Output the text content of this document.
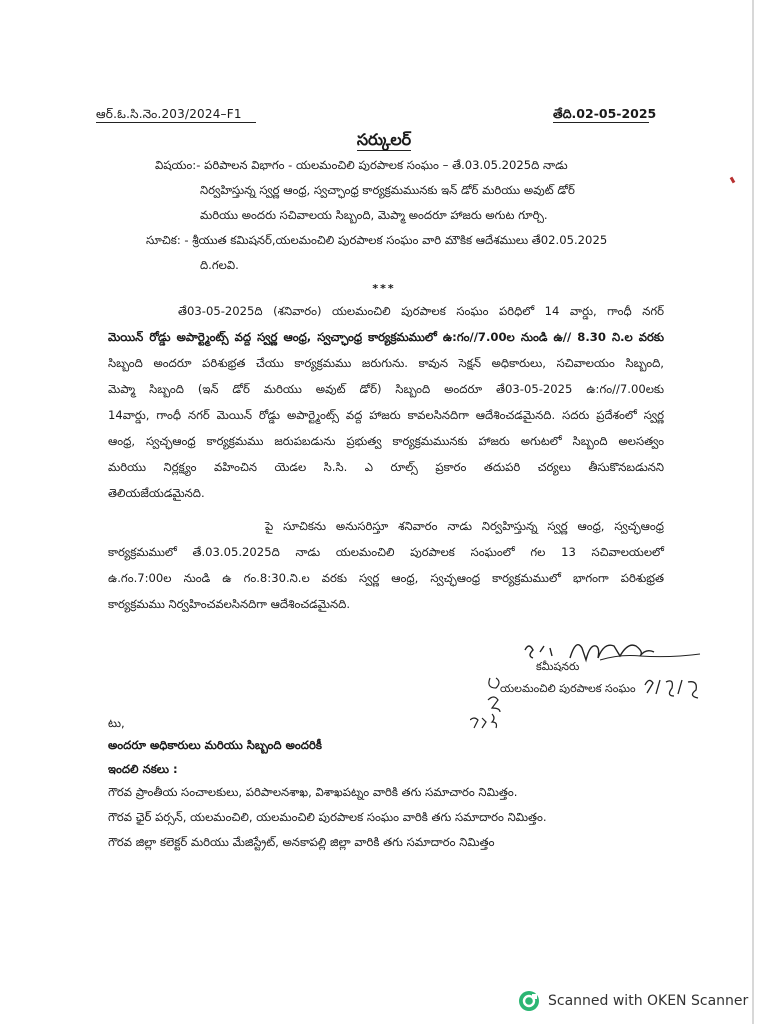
ఆర్.ఓ.సి.నెం.203/2024–F1	తేది.02-05-2025
సర్కులర్
విషయం:- పరిపాలన విభాగం - యలమంచిలి పురపాలక సంఘం – తే.03.05.2025ది నాడు
నిర్వహిస్తున్న స్వర్ణ ఆంధ్ర, స్వచ్ఛాంధ్ర కార్యక్రమమునకు ఇన్ డోర్ మరియు అవుట్ డోర్
మరియు అందరు సచివాలయ సిబ్బంది, మెప్మా అందరూ హాజరు అగుట గూర్చి.
సూచిక: - శ్రీయుత కమిషనర్,యలమంచిలి పురపాలక సంఘం వారి మౌకిక ఆదేశములు తే02.05.2025
ది.గలవి.
***
తే03-05-2025ది (శనివారం) యలమంచిలి పురపాలక సంఘం పరిధిలో 14 వార్డు, గాంధీ నగర్
మెయిన్ రోడ్డు అపార్ట్మెంట్స్ వద్ద స్వర్ణ ఆంధ్ర, స్వచ్ఛాంధ్ర కార్యక్రమములో ఉ:గం//7.00ల నుండి ఉ// 8.30 ని.ల వరకు
సిబ్బంది అందరూ పరిశుభ్రత చేయు కార్యక్రమము జరుగును. కావున సెక్షన్ అధికారులు, సచివాలయం సిబ్బంది,
మెప్మా సిబ్బంది (ఇన్ డోర్ మరియు అవుట్ డోర్) సిబ్బంది అందరూ తే03-05-2025 ఉ:గం//7.00లకు
14వార్డు, గాంధీ నగర్ మెయిన్ రోడ్డు అపార్ట్మెంట్స్ వద్ద హాజరు కావలసినదిగా ఆదేశించడమైనది. సదరు ప్రదేశంలో స్వర్ణ
ఆంధ్ర, స్వచ్ఛఆంధ్ర కార్యక్రమము జరుపబడును ప్రభుత్వ కార్యక్రమమునకు హాజరు అగుటలో సిబ్బంది అలసత్వం
మరియు నిర్లక్ష్యం వహించిన యెడల సి.సి. ఎ రూల్స్ ప్రకారం తదుపరి చర్యలు తీసుకొనబడునని
తెలియజేయడమైనది.
పై సూచికను అనుసరిస్తూ శనివారం నాడు నిర్వహిస్తున్న స్వర్ణ ఆంధ్ర, స్వచ్ఛఆంధ్ర
కార్యక్రమములో తే.03.05.2025ది నాడు యలమంచిలి పురపాలక సంఘంలో గల 13 సచివాలయలలో
ఉ.గం.7:00ల నుండి ఉ గం.8:30.ని.ల వరకు స్వర్ణ ఆంధ్ర, స్వచ్ఛఆంధ్ర కార్యక్రమములో భాగంగా పరిశుభ్రత
కార్యక్రమము నిర్వహించవలసినదిగా ఆదేశించడమైనది.
కమీషనరు
యలమంచిలి పురపాలక సంఘం
టు,
అందరూ అధికారులు మరియు సిబ్బంది అందరికీ
ఇందలి నకలు :
గౌరవ ప్రాంతీయ సంచాలకులు, పరిపాలనశాఖ, విశాఖపట్నం వారికి తగు సమాచారం నిమిత్తం.
గౌరవ ఛైర్ పర్సన్, యలమంచిలి, యలమంచిలి పురపాలక సంఘం వారికి తగు సమాదారం నిమిత్తం.
గౌరవ జిల్లా కలెక్టర్ మరియు మేజిస్ట్రేట్, అనకాపల్లి జిల్లా వారికి తగు సమాదారం నిమిత్తం
Scanned with OKEN Scanner
